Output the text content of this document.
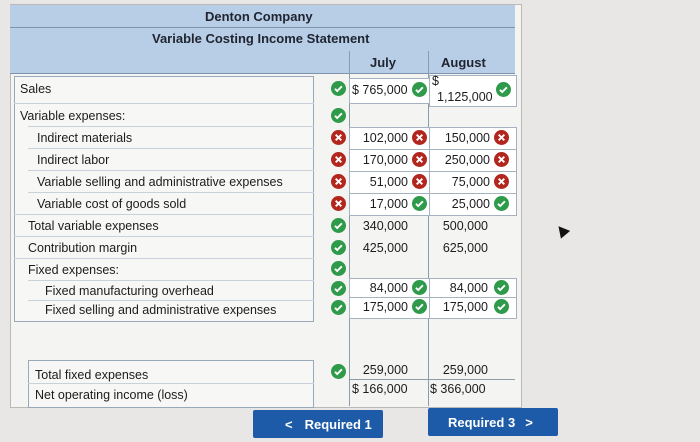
Denton Company
Variable Costing Income Statement
July	August
Sales
Variable expenses:
Indirect materials
Indirect labor
Variable selling and administrative expenses
Variable cost of goods sold
Total variable expenses
Contribution margin
Fixed expenses:
Fixed manufacturing overhead
Fixed selling and administrative expenses
Total fixed expenses
Net operating income (loss)
$ 765,000
102,000
170,000
51,000
17,000
340,000
425,000
84,000
175,000
259,000
$ 166,000
$
1,125,000
150,000
250,000
75,000
25,000
500,000
625,000
84,000
175,000
259,000
$ 366,000
< Required 1	Required 3 >
